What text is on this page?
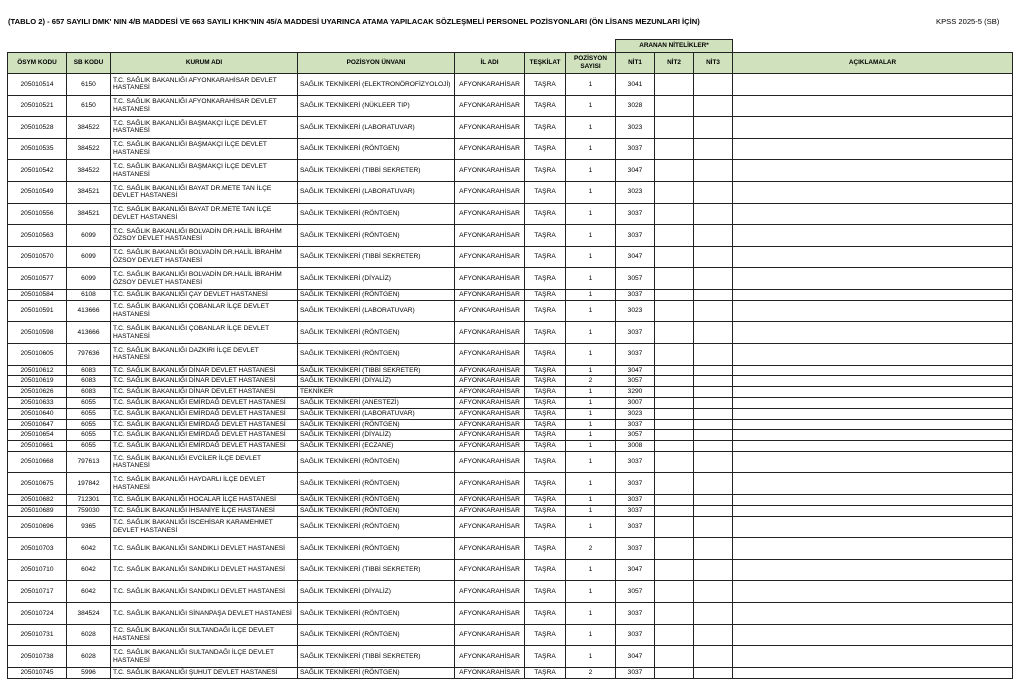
(TABLO 2) - 657 SAYILI DMK' NIN 4/B MADDESİ VE 663 SAYILI KHK'NIN 45/A MADDESİ UYARINCA ATAMA YAPILACAK SÖZLEŞMELİ PERSONEL POZİSYONLARI (ÖN LİSANS MEZUNLARI İÇİN)	KPSS 2025-5 (SB)
							ARANAN NİTELİKLER*			
ÖSYM KODU	SB KODU	KURUM ADI	POZİSYON ÜNVANI	İL ADI	TEŞKİLAT	POZİSYON SAYISI	NİT1	NİT2	NİT3	AÇIKLAMALAR
205010514	6150	T.C. SAĞLIK BAKANLIĞI AFYONKARAHİSAR DEVLET HASTANESİ	SAĞLIK TEKNİKERİ (ELEKTRONÖROFİZYOLOJİ)	AFYONKARAHİSAR	TAŞRA	1	3041			
205010521	6150	T.C. SAĞLIK BAKANLIĞI AFYONKARAHİSAR DEVLET HASTANESİ	SAĞLIK TEKNİKERİ (NÜKLEER TIP)	AFYONKARAHİSAR	TAŞRA	1	3028			
205010528	384522	T.C. SAĞLIK BAKANLIĞI BAŞMAKÇI İLÇE DEVLET HASTANESİ	SAĞLIK TEKNİKERİ (LABORATUVAR)	AFYONKARAHİSAR	TAŞRA	1	3023			
205010535	384522	T.C. SAĞLIK BAKANLIĞI BAŞMAKÇI İLÇE DEVLET HASTANESİ	SAĞLIK TEKNİKERİ (RÖNTGEN)	AFYONKARAHİSAR	TAŞRA	1	3037			
205010542	384522	T.C. SAĞLIK BAKANLIĞI BAŞMAKÇI İLÇE DEVLET HASTANESİ	SAĞLIK TEKNİKERİ (TIBBİ SEKRETER)	AFYONKARAHİSAR	TAŞRA	1	3047			
205010549	384521	T.C. SAĞLIK BAKANLIĞI BAYAT DR.METE TAN İLÇE DEVLET HASTANESİ	SAĞLIK TEKNİKERİ (LABORATUVAR)	AFYONKARAHİSAR	TAŞRA	1	3023			
205010556	384521	T.C. SAĞLIK BAKANLIĞI BAYAT DR.METE TAN İLÇE DEVLET HASTANESİ	SAĞLIK TEKNİKERİ (RÖNTGEN)	AFYONKARAHİSAR	TAŞRA	1	3037			
205010563	6099	T.C. SAĞLIK BAKANLIĞI BOLVADİN DR.HALİL İBRAHİM ÖZSOY DEVLET HASTANESİ	SAĞLIK TEKNİKERİ (RÖNTGEN)	AFYONKARAHİSAR	TAŞRA	1	3037			
205010570	6099	T.C. SAĞLIK BAKANLIĞI BOLVADİN DR.HALİL İBRAHİM ÖZSOY DEVLET HASTANESİ	SAĞLIK TEKNİKERİ (TIBBİ SEKRETER)	AFYONKARAHİSAR	TAŞRA	1	3047			
205010577	6099	T.C. SAĞLIK BAKANLIĞI BOLVADİN DR.HALİL İBRAHİM ÖZSOY DEVLET HASTANESİ	SAĞLIK TEKNİKERİ (DİYALİZ)	AFYONKARAHİSAR	TAŞRA	1	3057			
205010584	6108	T.C. SAĞLIK BAKANLIĞI ÇAY DEVLET HASTANESİ	SAĞLIK TEKNİKERİ (RÖNTGEN)	AFYONKARAHİSAR	TAŞRA	1	3037			
205010591	413666	T.C. SAĞLIK BAKANLIĞI ÇOBANLAR İLÇE DEVLET HASTANESİ	SAĞLIK TEKNİKERİ (LABORATUVAR)	AFYONKARAHİSAR	TAŞRA	1	3023			
205010598	413666	T.C. SAĞLIK BAKANLIĞI ÇOBANLAR İLÇE DEVLET HASTANESİ	SAĞLIK TEKNİKERİ (RÖNTGEN)	AFYONKARAHİSAR	TAŞRA	1	3037			
205010605	797636	T.C. SAĞLIK BAKANLIĞI DAZKIRI İLÇE DEVLET HASTANESİ	SAĞLIK TEKNİKERİ (RÖNTGEN)	AFYONKARAHİSAR	TAŞRA	1	3037			
205010612	6083	T.C. SAĞLIK BAKANLIĞI DİNAR DEVLET HASTANESİ	SAĞLIK TEKNİKERİ (TIBBİ SEKRETER)	AFYONKARAHİSAR	TAŞRA	1	3047			
205010619	6083	T.C. SAĞLIK BAKANLIĞI DİNAR DEVLET HASTANESİ	SAĞLIK TEKNİKERİ (DİYALİZ)	AFYONKARAHİSAR	TAŞRA	2	3057			
205010626	6083	T.C. SAĞLIK BAKANLIĞI DİNAR DEVLET HASTANESİ	TEKNİKER	AFYONKARAHİSAR	TAŞRA	1	3290			
205010633	6055	T.C. SAĞLIK BAKANLIĞI EMİRDAĞ DEVLET HASTANESİ	SAĞLIK TEKNİKERİ (ANESTEZİ)	AFYONKARAHİSAR	TAŞRA	1	3007			
205010640	6055	T.C. SAĞLIK BAKANLIĞI EMİRDAĞ DEVLET HASTANESİ	SAĞLIK TEKNİKERİ (LABORATUVAR)	AFYONKARAHİSAR	TAŞRA	1	3023			
205010647	6055	T.C. SAĞLIK BAKANLIĞI EMİRDAĞ DEVLET HASTANESİ	SAĞLIK TEKNİKERİ (RÖNTGEN)	AFYONKARAHİSAR	TAŞRA	1	3037			
205010654	6055	T.C. SAĞLIK BAKANLIĞI EMİRDAĞ DEVLET HASTANESİ	SAĞLIK TEKNİKERİ (DİYALİZ)	AFYONKARAHİSAR	TAŞRA	1	3057			
205010661	6055	T.C. SAĞLIK BAKANLIĞI EMİRDAĞ DEVLET HASTANESİ	SAĞLIK TEKNİKERİ (ECZANE)	AFYONKARAHİSAR	TAŞRA	1	3008			
205010668	797613	T.C. SAĞLIK BAKANLIĞI EVCİLER İLÇE DEVLET HASTANESİ	SAĞLIK TEKNİKERİ (RÖNTGEN)	AFYONKARAHİSAR	TAŞRA	1	3037			
205010675	197842	T.C. SAĞLIK BAKANLIĞI HAYDARLI İLÇE DEVLET HASTANESİ	SAĞLIK TEKNİKERİ (RÖNTGEN)	AFYONKARAHİSAR	TAŞRA	1	3037			
205010682	712301	T.C. SAĞLIK BAKANLIĞI HOCALAR İLÇE HASTANESİ	SAĞLIK TEKNİKERİ (RÖNTGEN)	AFYONKARAHİSAR	TAŞRA	1	3037			
205010689	759030	T.C. SAĞLIK BAKANLIĞI İHSANİYE İLÇE HASTANESİ	SAĞLIK TEKNİKERİ (RÖNTGEN)	AFYONKARAHİSAR	TAŞRA	1	3037			
205010696	9365	T.C. SAĞLIK BAKANLIĞI İSCEHİSAR KARAMEHMET DEVLET HASTANESİ	SAĞLIK TEKNİKERİ (RÖNTGEN)	AFYONKARAHİSAR	TAŞRA	1	3037			
205010703	6042	T.C. SAĞLIK BAKANLIĞI SANDIKLI DEVLET HASTANESİ	SAĞLIK TEKNİKERİ (RÖNTGEN)	AFYONKARAHİSAR	TAŞRA	2	3037			
205010710	6042	T.C. SAĞLIK BAKANLIĞI SANDIKLI DEVLET HASTANESİ	SAĞLIK TEKNİKERİ (TIBBİ SEKRETER)	AFYONKARAHİSAR	TAŞRA	1	3047			
205010717	6042	T.C. SAĞLIK BAKANLIĞI SANDIKLI DEVLET HASTANESİ	SAĞLIK TEKNİKERİ (DİYALİZ)	AFYONKARAHİSAR	TAŞRA	1	3057			
205010724	384524	T.C. SAĞLIK BAKANLIĞI SİNANPAŞA DEVLET HASTANESİ	SAĞLIK TEKNİKERİ (RÖNTGEN)	AFYONKARAHİSAR	TAŞRA	1	3037			
205010731	6028	T.C. SAĞLIK BAKANLIĞI SULTANDAĞI İLÇE DEVLET HASTANESİ	SAĞLIK TEKNİKERİ (RÖNTGEN)	AFYONKARAHİSAR	TAŞRA	1	3037			
205010738	6028	T.C. SAĞLIK BAKANLIĞI SULTANDAĞI İLÇE DEVLET HASTANESİ	SAĞLIK TEKNİKERİ (TIBBİ SEKRETER)	AFYONKARAHİSAR	TAŞRA	1	3047			
205010745	5996	T.C. SAĞLIK BAKANLIĞI ŞUHUT DEVLET HASTANESİ	SAĞLIK TEKNİKERİ (RÖNTGEN)	AFYONKARAHİSAR	TAŞRA	2	3037			
